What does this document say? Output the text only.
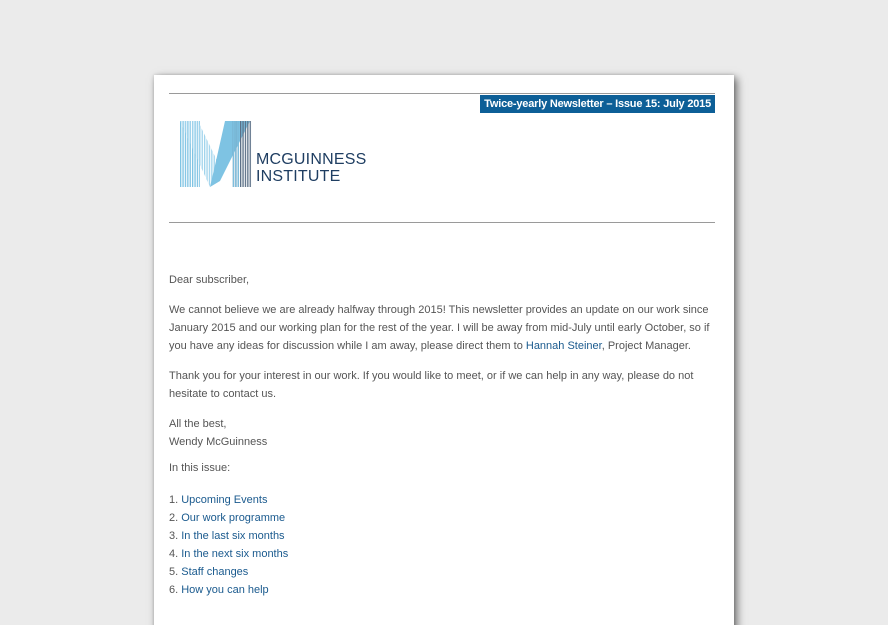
Twice-yearly Newsletter – Issue 15: July 2015
MCGUINNESS
INSTITUTE

Dear subscriber,

We cannot believe we are already halfway through 2015! This newsletter provides an update on our work since January 2015 and our working plan for the rest of the year. I will be away from mid-July until early October, so if you have any ideas for discussion while I am away, please direct them to Hannah Steiner, Project Manager.

Thank you for your interest in our work. If you would like to meet, or if we can help in any way, please do not hesitate to contact us.

All the best,
Wendy McGuinness

In this issue:

1. Upcoming Events
2. Our work programme
3. In the last six months
4. In the next six months
5. Staff changes
6. How you can help
